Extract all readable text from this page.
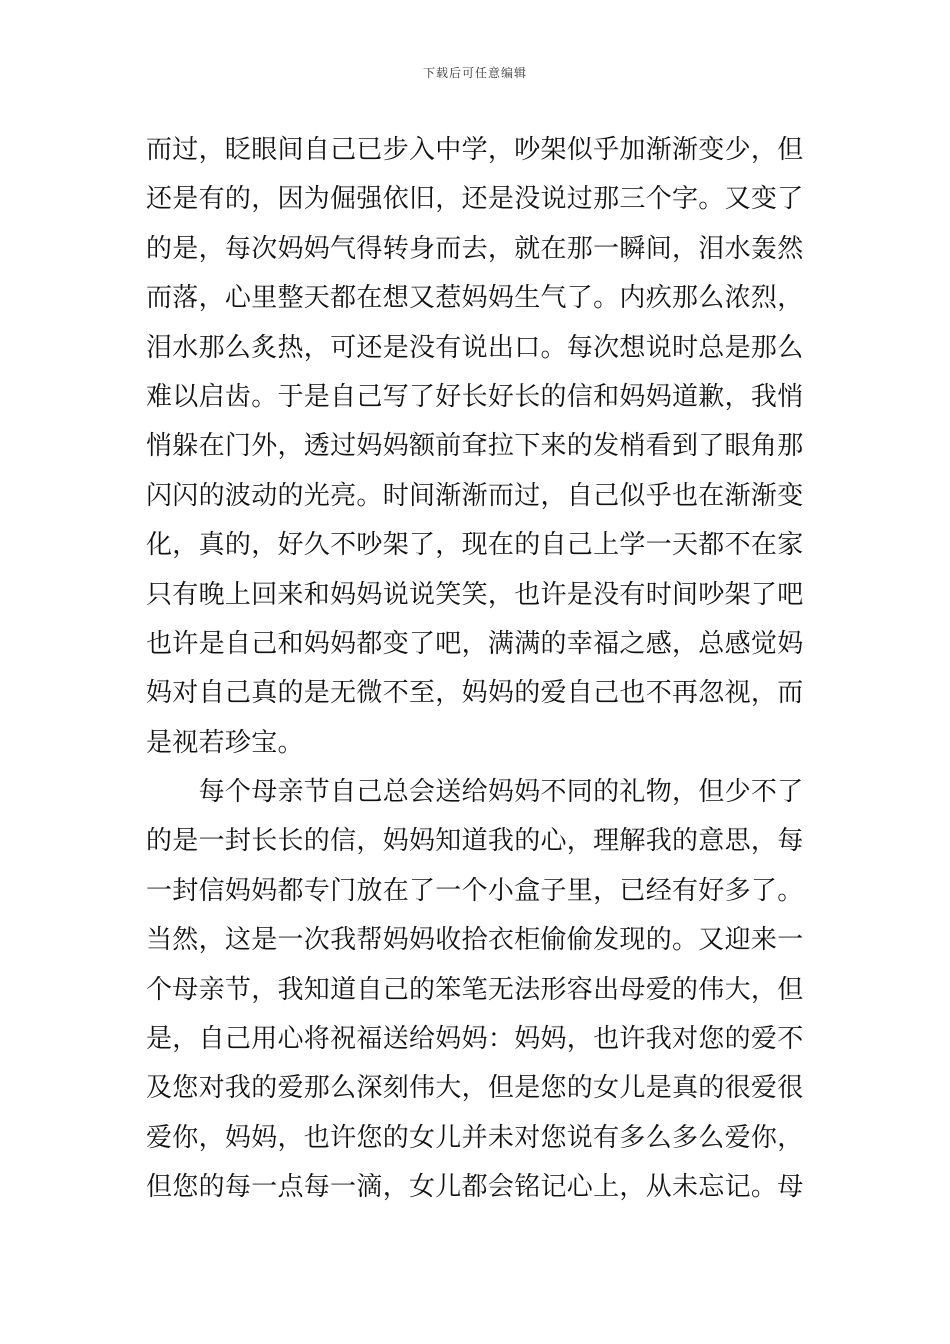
下载后可任意编辑
而过，眨眼间自己已步入中学，吵架似乎加渐渐变少，但
还是有的，因为倔强依旧，还是没说过那三个字。又变了
的是，每次妈妈气得转身而去，就在那一瞬间，泪水轰然
而落，心里整天都在想又惹妈妈生气了。内疚那么浓烈，
泪水那么炙热，可还是没有说出口。每次想说时总是那么
难以启齿。于是自己写了好长好长的信和妈妈道歉，我悄
悄躲在门外，透过妈妈额前耷拉下来的发梢看到了眼角那
闪闪的波动的光亮。时间渐渐而过，自己似乎也在渐渐变
化，真的，好久不吵架了，现在的自己上学一天都不在家
只有晚上回来和妈妈说说笑笑，也许是没有时间吵架了吧
也许是自己和妈妈都变了吧，满满的幸福之感，总感觉妈
妈对自己真的是无微不至，妈妈的爱自己也不再忽视，而
是视若珍宝。
　　每个母亲节自己总会送给妈妈不同的礼物，但少不了
的是一封长长的信，妈妈知道我的心，理解我的意思，每
一封信妈妈都专门放在了一个小盒子里，已经有好多了。
当然，这是一次我帮妈妈收拾衣柜偷偷发现的。又迎来一
个母亲节，我知道自己的笨笔无法形容出母爱的伟大，但
是，自己用心将祝福送给妈妈：妈妈，也许我对您的爱不
及您对我的爱那么深刻伟大，但是您的女儿是真的很爱很
爱你，妈妈，也许您的女儿并未对您说有多么多么爱你，
但您的每一点每一滴，女儿都会铭记心上，从未忘记。母
